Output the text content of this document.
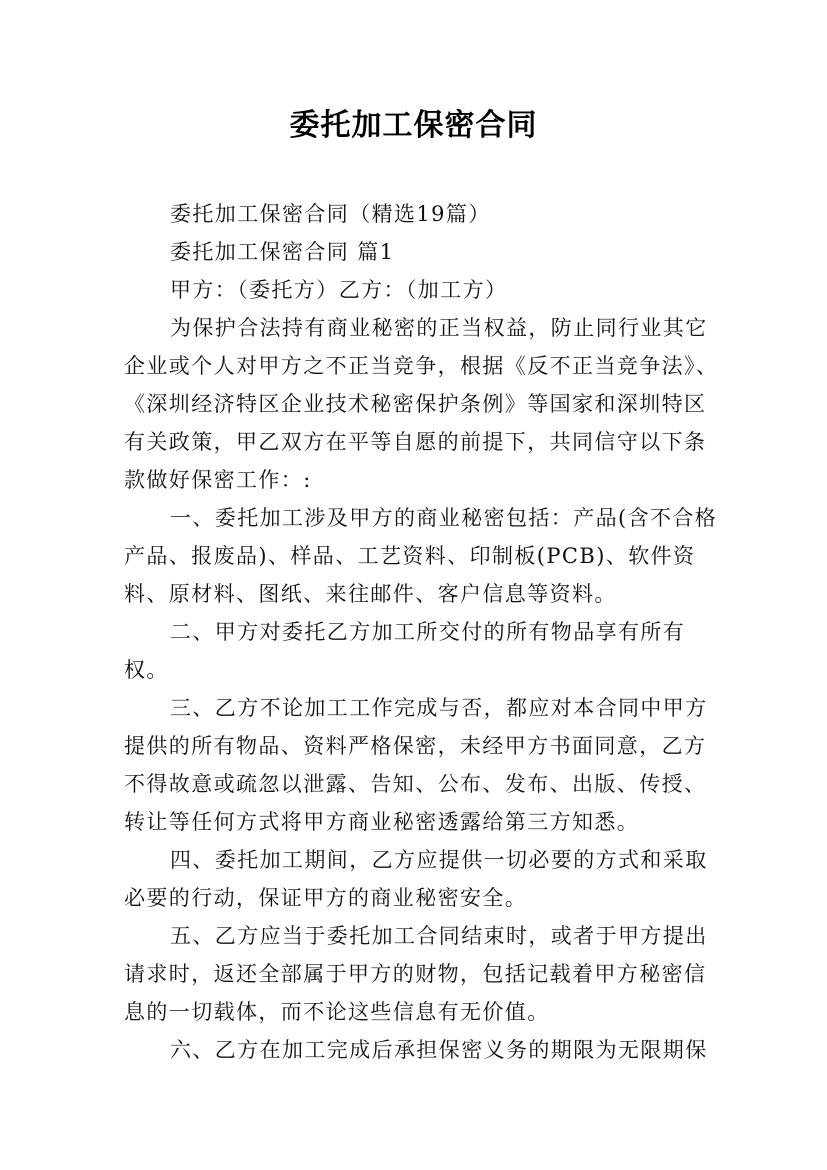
委托加工保密合同

委托加工保密合同（精选19篇）

委托加工保密合同 篇1

甲方：（委托方）乙方：（加工方）

为保护合法持有商业秘密的正当权益，防止同行业其它企业或个人对甲方之不正当竞争，根据《反不正当竞争法》、《深圳经济特区企业技术秘密保护条例》等国家和深圳特区有关政策，甲乙双方在平等自愿的前提下，共同信守以下条款做好保密工作：:

一、委托加工涉及甲方的商业秘密包括：产品(含不合格产品、报废品)、样品、工艺资料、印制板(PCB)、软件资料、原材料、图纸、来往邮件、客户信息等资料。

二、甲方对委托乙方加工所交付的所有物品享有所有权。

三、乙方不论加工工作完成与否，都应对本合同中甲方提供的所有物品、资料严格保密，未经甲方书面同意，乙方不得故意或疏忽以泄露、告知、公布、发布、出版、传授、转让等任何方式将甲方商业秘密透露给第三方知悉。

四、委托加工期间，乙方应提供一切必要的方式和采取必要的行动，保证甲方的商业秘密安全。

五、乙方应当于委托加工合同结束时，或者于甲方提出请求时，返还全部属于甲方的财物，包括记载着甲方秘密信息的一切载体，而不论这些信息有无价值。

六、乙方在加工完成后承担保密义务的期限为无限期保
